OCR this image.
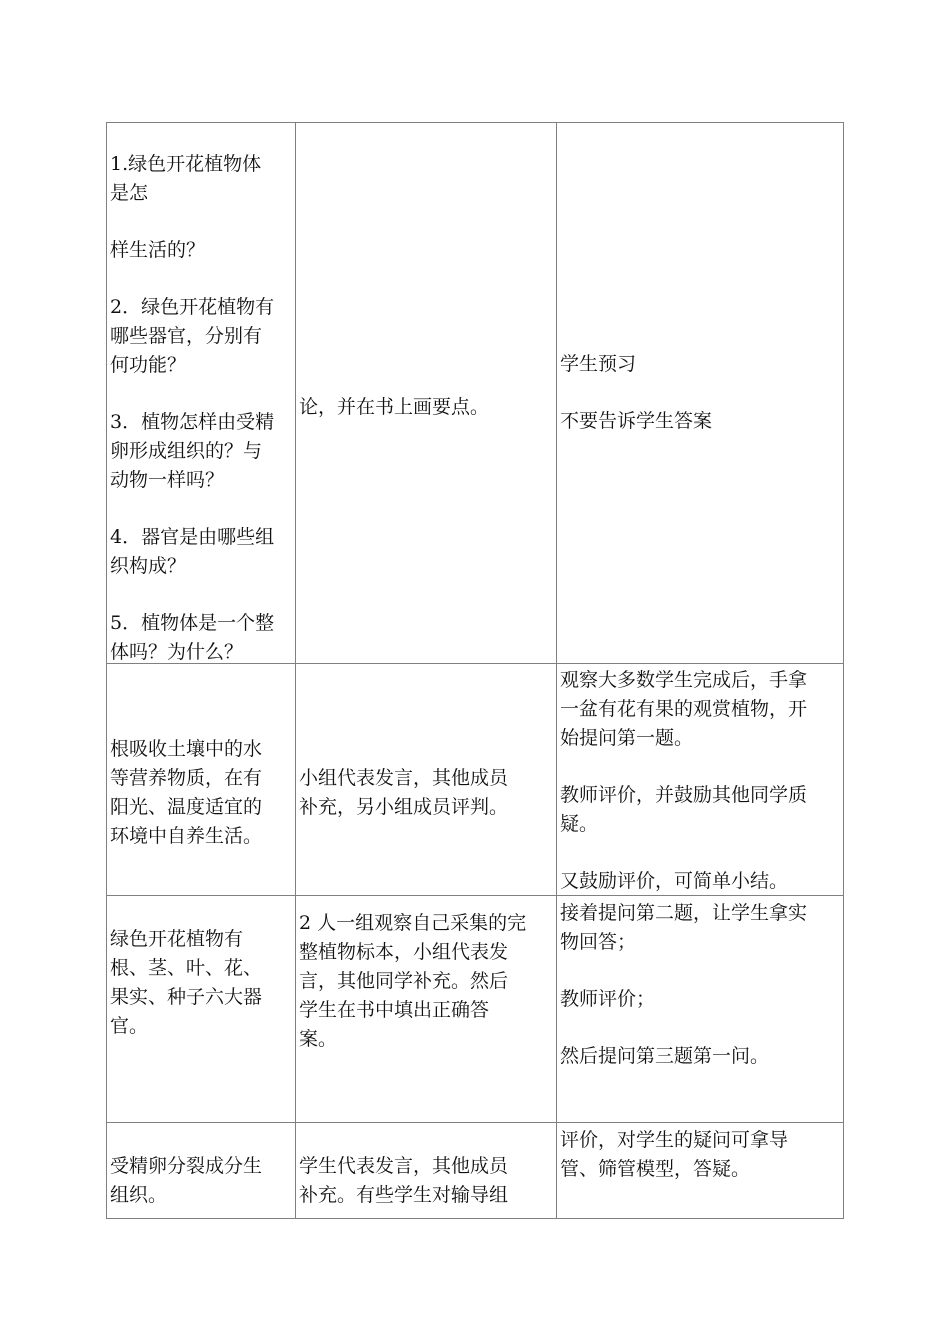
1.绿色开花植物体
是怎

样生活的？

2．绿色开花植物有
哪些器官，分别有
何功能？

3．植物怎样由受精
卵形成组织的？与
动物一样吗？

4．器官是由哪些组
织构成？

5．植物体是一个整
体吗？为什么？

论，并在书上画要点。

学生预习

不要告诉学生答案

根吸收土壤中的水
等营养物质，在有
阳光、温度适宜的
环境中自养生活。

小组代表发言，其他成员
补充，另小组成员评判。

观察大多数学生完成后，手拿
一盆有花有果的观赏植物，开
始提问第一题。

教师评价，并鼓励其他同学质
疑。

又鼓励评价，可简单小结。

绿色开花植物有
根、茎、叶、花、
果实、种子六大器
官。

2 人一组观察自己采集的完
整植物标本，小组代表发
言，其他同学补充。然后
学生在书中填出正确答
案。

接着提问第二题，让学生拿实
物回答；

教师评价；

然后提问第三题第一问。

受精卵分裂成分生
组织。

学生代表发言，其他成员
补充。有些学生对输导组

评价，对学生的疑问可拿导
管、筛管模型，答疑。
